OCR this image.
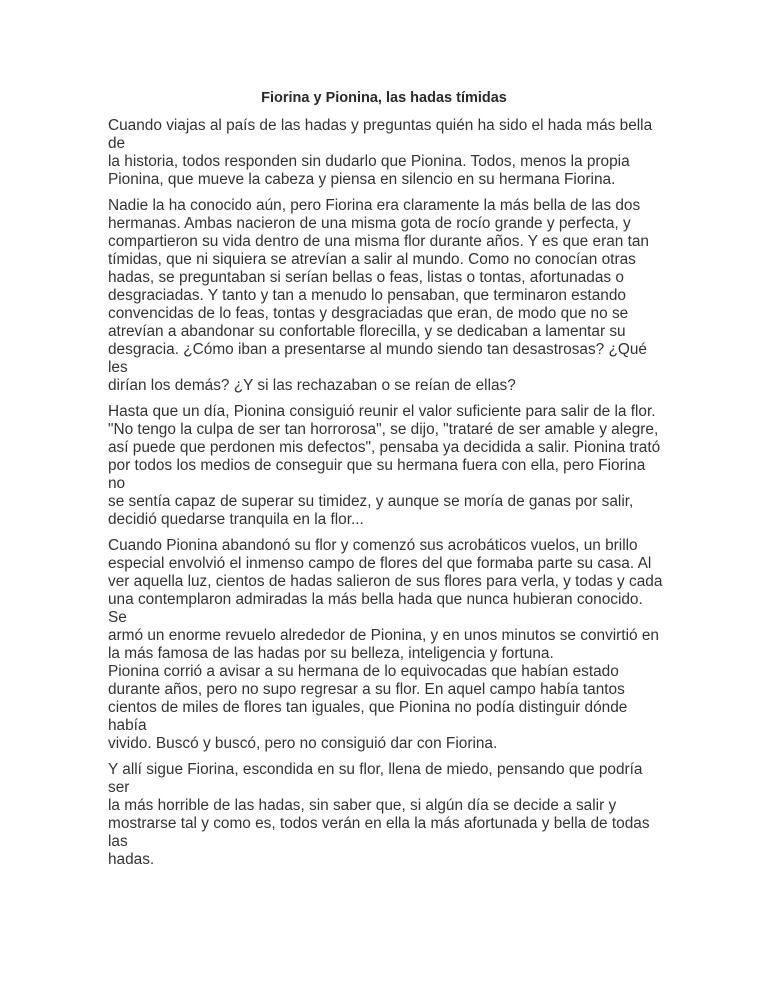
Fiorina y Pionina, las hadas tímidas

Cuando viajas al país de las hadas y preguntas quién ha sido el hada más bella de
la historia, todos responden sin dudarlo que Pionina. Todos, menos la propia
Pionina, que mueve la cabeza y piensa en silencio en su hermana Fiorina.

Nadie la ha conocido aún, pero Fiorina era claramente la más bella de las dos
hermanas. Ambas nacieron de una misma gota de rocío grande y perfecta, y
compartieron su vida dentro de una misma flor durante años. Y es que eran tan
tímidas, que ni siquiera se atrevían a salir al mundo. Como no conocían otras
hadas, se preguntaban si serían bellas o feas, listas o tontas, afortunadas o
desgraciadas. Y tanto y tan a menudo lo pensaban, que terminaron estando
convencidas de lo feas, tontas y desgraciadas que eran, de modo que no se
atrevían a abandonar su confortable florecilla, y se dedicaban a lamentar su
desgracia. ¿Cómo iban a presentarse al mundo siendo tan desastrosas? ¿Qué les
dirían los demás? ¿Y si las rechazaban o se reían de ellas?

Hasta que un día, Pionina consiguió reunir el valor suficiente para salir de la flor.
"No tengo la culpa de ser tan horrorosa", se dijo, "trataré de ser amable y alegre,
así puede que perdonen mis defectos", pensaba ya decidida a salir. Pionina trató
por todos los medios de conseguir que su hermana fuera con ella, pero Fiorina no
se sentía capaz de superar su timidez, y aunque se moría de ganas por salir,
decidió quedarse tranquila en la flor...

Cuando Pionina abandonó su flor y comenzó sus acrobáticos vuelos, un brillo
especial envolvió el inmenso campo de flores del que formaba parte su casa. Al
ver aquella luz, cientos de hadas salieron de sus flores para verla, y todas y cada
una contemplaron admiradas la más bella hada que nunca hubieran conocido. Se
armó un enorme revuelo alrededor de Pionina, y en unos minutos se convirtió en
la más famosa de las hadas por su belleza, inteligencia y fortuna.

Pionina corrió a avisar a su hermana de lo equivocadas que habían estado
durante años, pero no supo regresar a su flor. En aquel campo había tantos
cientos de miles de flores tan iguales, que Pionina no podía distinguir dónde había
vivido. Buscó y buscó, pero no consiguió dar con Fiorina.

Y allí sigue Fiorina, escondida en su flor, llena de miedo, pensando que podría ser
la más horrible de las hadas, sin saber que, si algún día se decide a salir y
mostrarse tal y como es, todos verán en ella la más afortunada y bella de todas las
hadas.
